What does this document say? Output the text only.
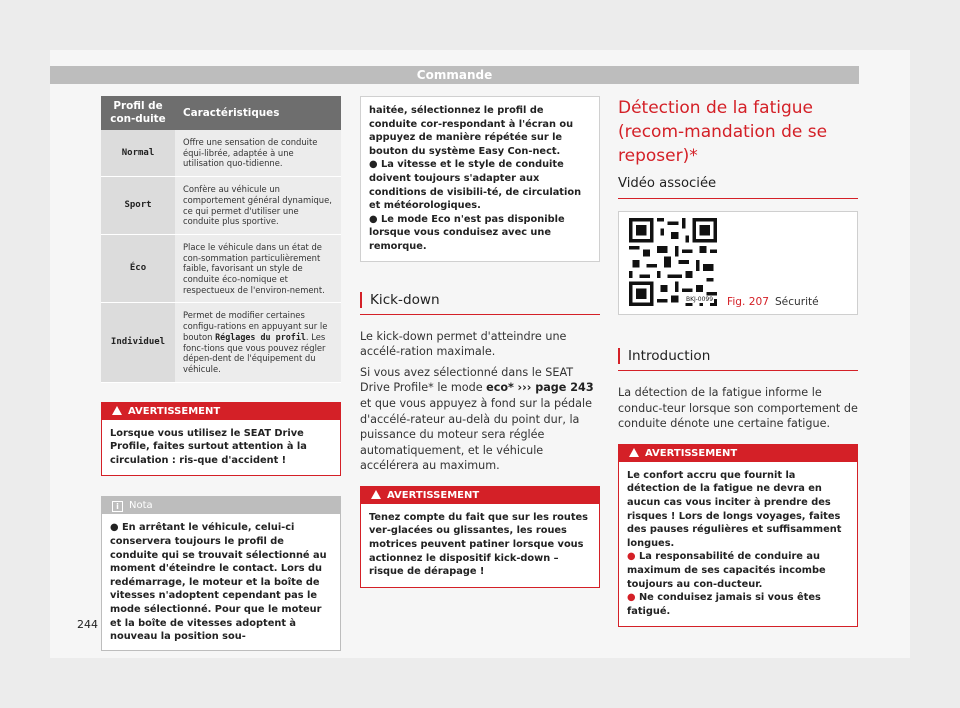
Commande
Profil de con-duite	Caractéristiques
Normal	Offre une sensation de conduite équi-librée, adaptée à une utilisation quo-tidienne.
Sport	Confère au véhicule un comportement général dynamique, ce qui permet d'utiliser une conduite plus sportive.
Éco	Place le véhicule dans un état de con-sommation particulièrement faible, favorisant un style de conduite éco-nomique et respectueux de l'environ-nement.
Individuel	Permet de modifier certaines configu-rations en appuyant sur le bouton Réglages du profil. Les fonc-tions que vous pouvez régler dépen-dent de l'équipement du véhicule.
AVERTISSEMENT
Lorsque vous utilisez le SEAT Drive Profile, faites surtout attention à la circulation : ris-que d'accident !
i Nota
● En arrêtant le véhicule, celui-ci conservera toujours le profil de conduite qui se trouvait sélectionné au moment d'éteindre le contact. Lors du redémarrage, le moteur et la boîte de vitesses n'adoptent cependant pas le mode sélectionné. Pour que le moteur et la boîte de vitesses adoptent à nouveau la position sou-
haitée, sélectionnez le profil de conduite cor-respondant à l'écran ou appuyez de manière répétée sur le bouton du système Easy Con-nect.
● La vitesse et le style de conduite doivent toujours s'adapter aux conditions de visibili-té, de circulation et météorologiques.
● Le mode Eco n'est pas disponible lorsque vous conduisez avec une remorque.
Kick-down

Le kick-down permet d'atteindre une accélé-ration maximale.

Si vous avez sélectionné dans le SEAT Drive Profile* le mode eco* ››› page 243 et que vous appuyez à fond sur la pédale d'accélé-rateur au-delà du point dur, la puissance du moteur sera réglée automatiquement, et le véhicule accélérera au maximum.

AVERTISSEMENT
Tenez compte du fait que sur les routes ver-glacées ou glissantes, les roues motrices peuvent patiner lorsque vous actionnez le dispositif kick-down – risque de dérapage !
Détection de la fatigue (recom-mandation de se reposer)*
Vidéo associée
BKJ-0099 Fig. 207 Sécurité
Introduction

La détection de la fatigue informe le conduc-teur lorsque son comportement de conduite dénote une certaine fatigue.

AVERTISSEMENT
Le confort accru que fournit la détection de la fatigue ne devra en aucun cas vous inciter à prendre des risques ! Lors de longs voyages, faites des pauses régulières et suffisamment longues.
● La responsabilité de conduire au maximum de ses capacités incombe toujours au con-ducteur.
● Ne conduisez jamais si vous êtes fatigué.
244
